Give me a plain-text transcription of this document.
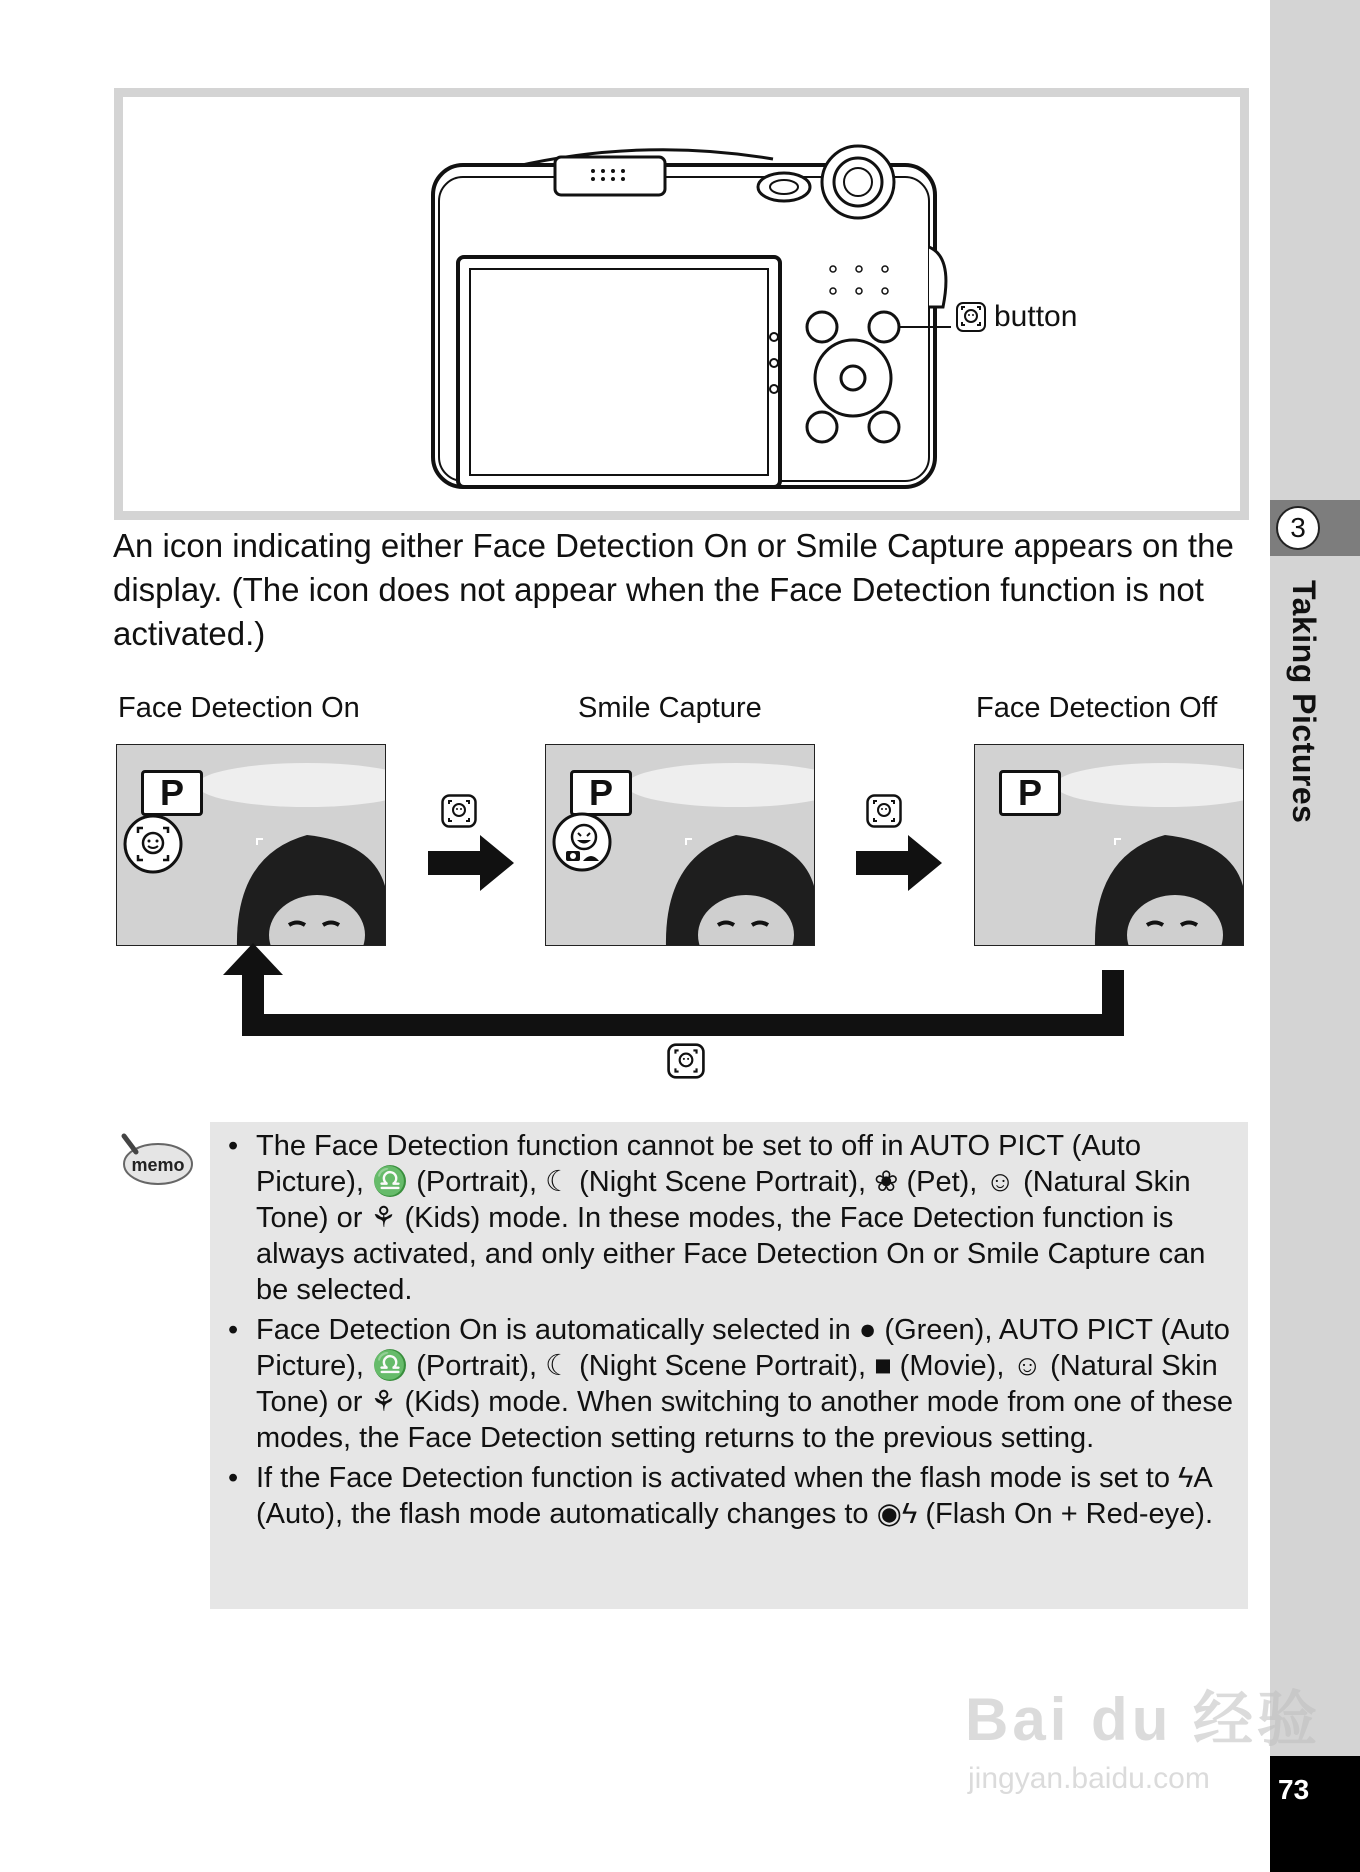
3
Taking Pictures
73
button

An icon indicating either Face Detection On or Smile Capture appears on the display. (The icon does not appear when the Face Detection function is not activated.)

Face Detection On	Smile Capture	Face Detection Off
P	P	P
memo
• The Face Detection function cannot be set to off in AUTO PICT (Auto Picture), ♎ (Portrait), ☾ (Night Scene Portrait), ❀ (Pet), ☺ (Natural Skin Tone) or ⚘ (Kids) mode. In these modes, the Face Detection function is always activated, and only either Face Detection On or Smile Capture can be selected.
• Face Detection On is automatically selected in ● (Green), AUTO PICT (Auto Picture), ♎ (Portrait), ☾ (Night Scene Portrait), ■ (Movie), ☺ (Natural Skin Tone) or ⚘ (Kids) mode. When switching to another mode from one of these modes, the Face Detection setting returns to the previous setting.
• If the Face Detection function is activated when the flash mode is set to ϟA (Auto), the flash mode automatically changes to ◉ϟ (Flash On + Red-eye).
Bai du 经验
jingyan.baidu.com
